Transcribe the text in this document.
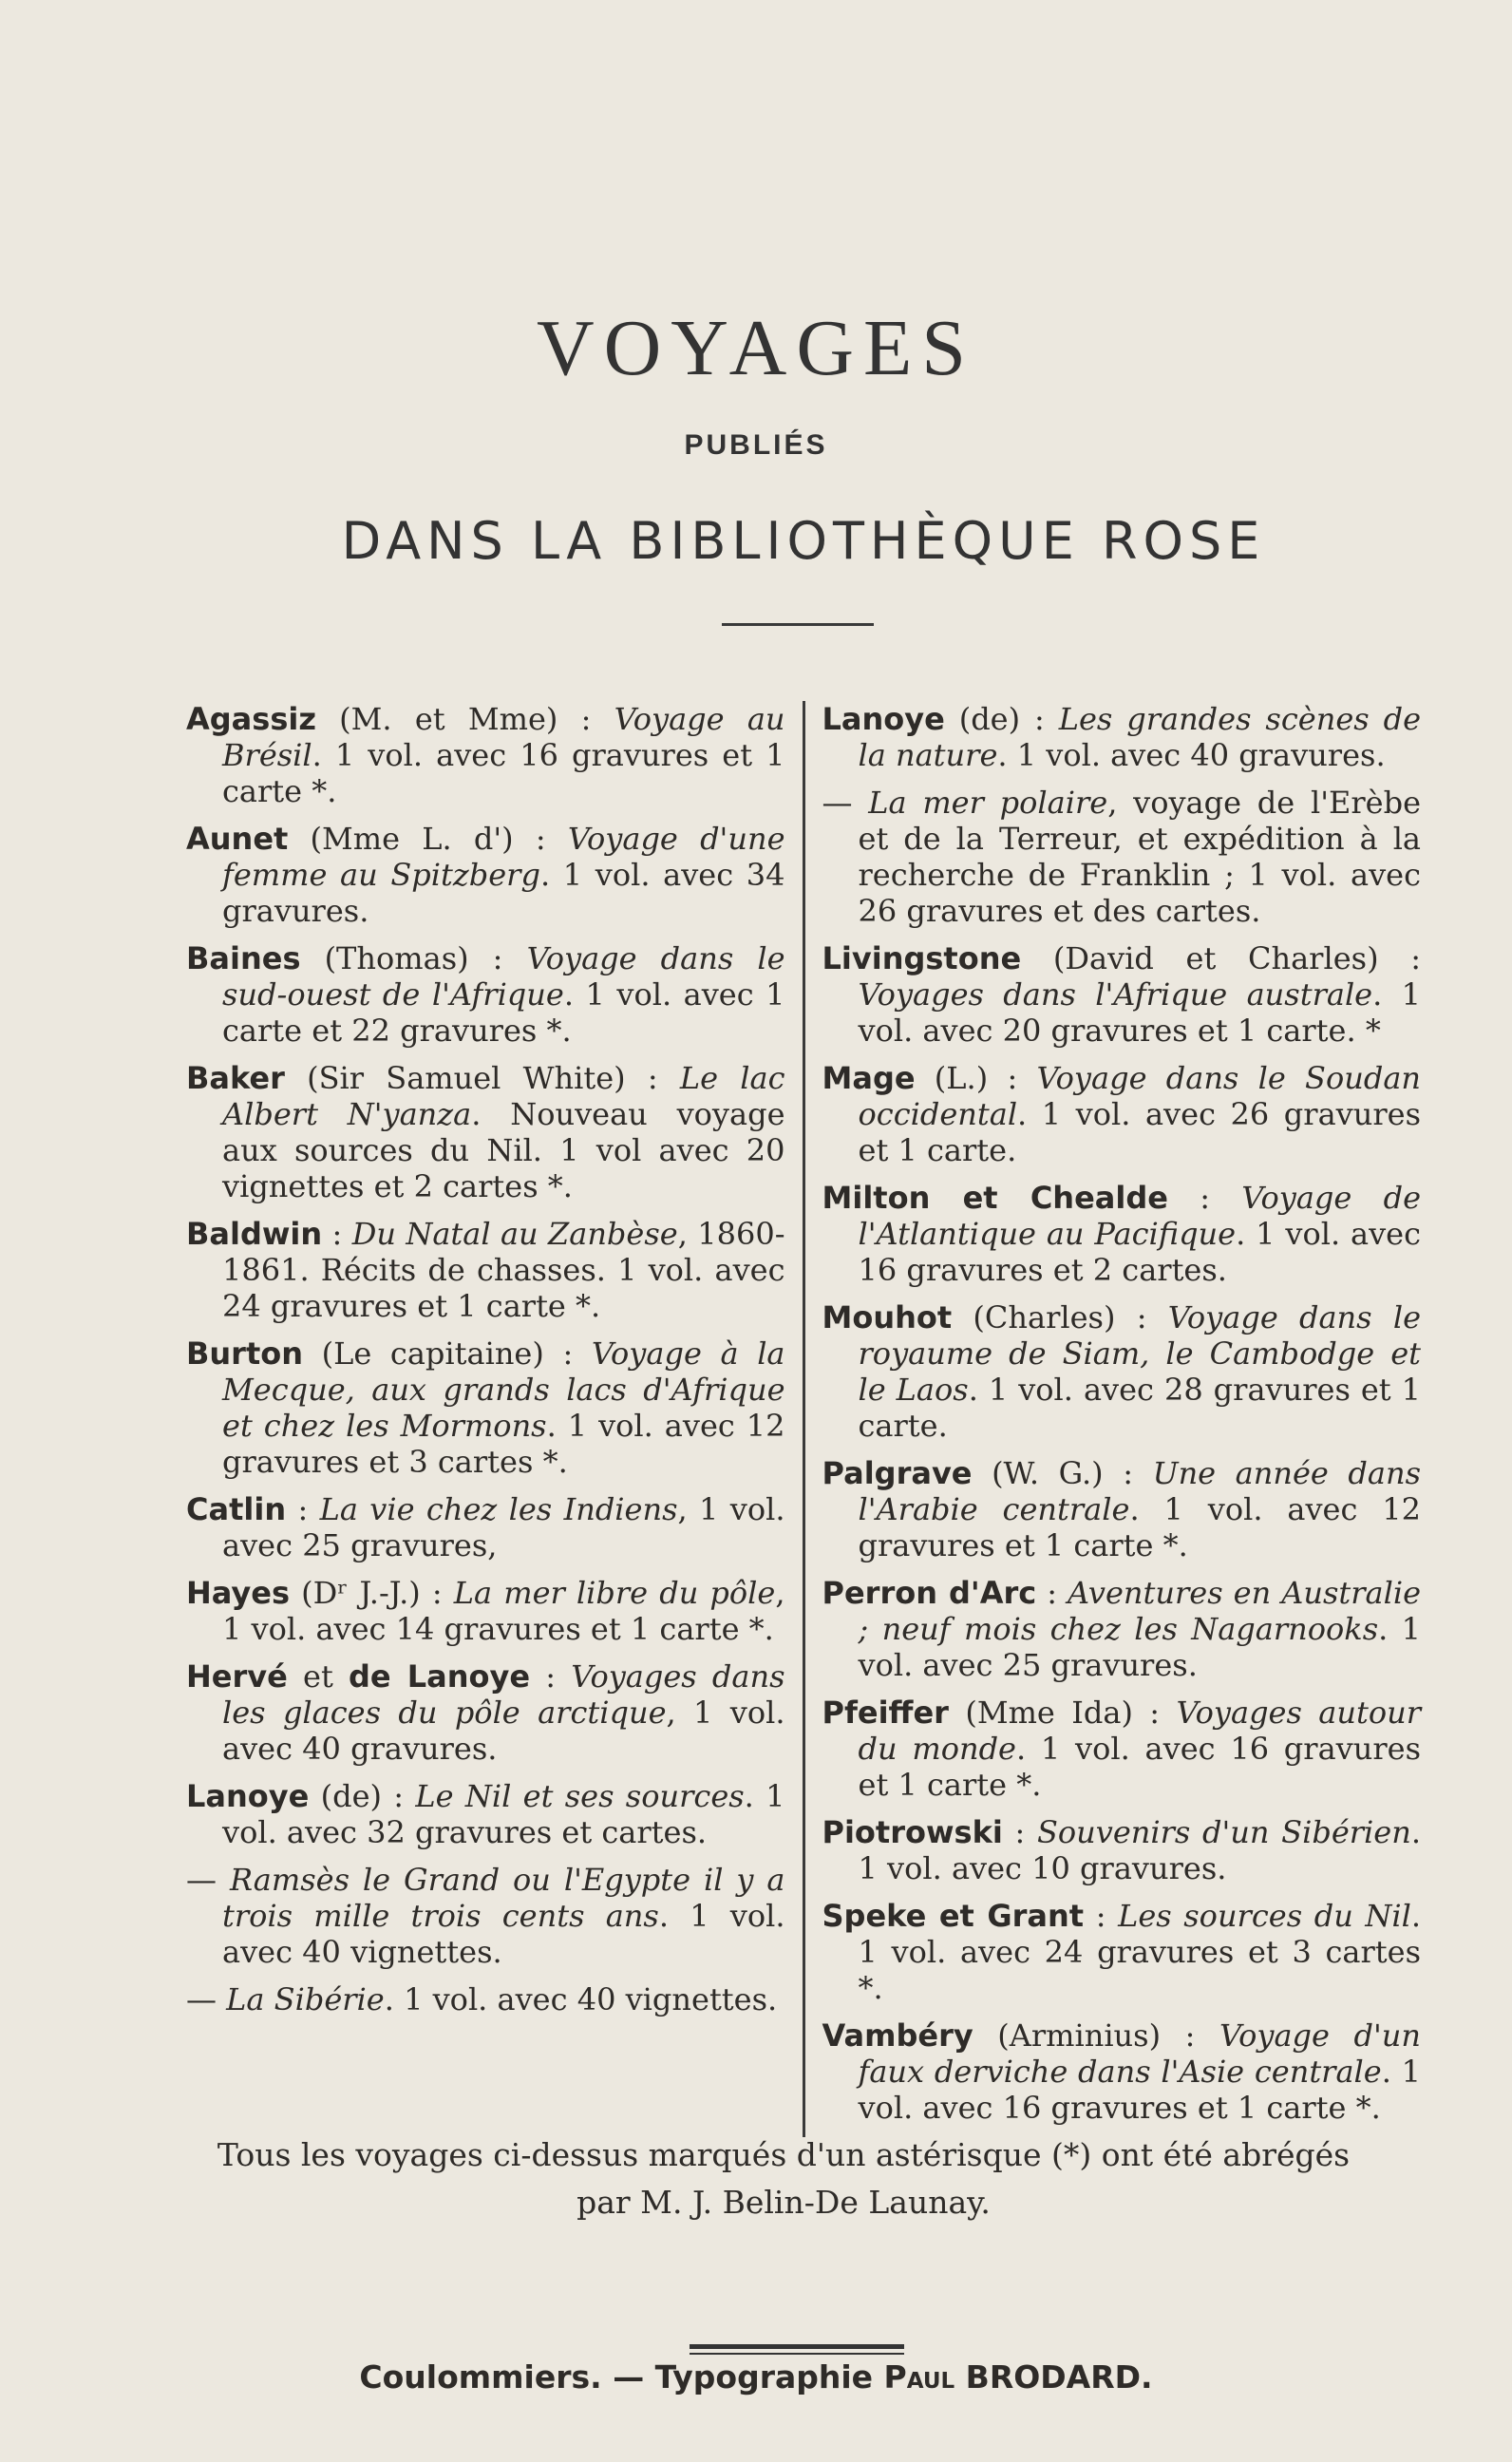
VOYAGES
PUBLIÉS
DANS LA BIBLIOTHÈQUE ROSE
Agassiz (M. et Mme) : Voyage au Brésil. 1 vol. avec 16 gravures et 1 carte *.
Aunet (Mme L. d') : Voyage d'une femme au Spitzberg. 1 vol. avec 34 gravures.
Baines (Thomas) : Voyage dans le sud-ouest de l'Afrique. 1 vol. avec 1 carte et 22 gravures *.
Baker (Sir Samuel White) : Le lac Albert N'yanza. Nouveau voyage aux sources du Nil. 1 vol avec 20 vignettes et 2 cartes *.
Baldwin : Du Natal au Zanbèse, 1860-1861. Récits de chasses. 1 vol. avec 24 gravures et 1 carte *.
Burton (Le capitaine) : Voyage à la Mecque, aux grands lacs d'Afrique et chez les Mormons. 1 vol. avec 12 gravures et 3 cartes *.
Catlin : La vie chez les Indiens, 1 vol. avec 25 gravures,
Hayes (Dʳ J.-J.) : La mer libre du pôle, 1 vol. avec 14 gravures et 1 carte *.
Hervé et de Lanoye : Voyages dans les glaces du pôle arctique, 1 vol. avec 40 gravures.
Lanoye (de) : Le Nil et ses sources. 1 vol. avec 32 gravures et cartes.
— Ramsès le Grand ou l'Egypte il y a trois mille trois cents ans. 1 vol. avec 40 vignettes.
— La Sibérie. 1 vol. avec 40 vignettes.
Lanoye (de) : Les grandes scènes de la nature. 1 vol. avec 40 gravures.
— La mer polaire, voyage de l'Erèbe et de la Terreur, et expédition à la recherche de Franklin ; 1 vol. avec 26 gravures et des cartes.
Livingstone (David et Charles) : Voyages dans l'Afrique australe. 1 vol. avec 20 gravures et 1 carte. *
Mage (L.) : Voyage dans le Soudan occidental. 1 vol. avec 26 gravures et 1 carte.
Milton et Chealde : Voyage de l'Atlantique au Pacifique. 1 vol. avec 16 gravures et 2 cartes.
Mouhot (Charles) : Voyage dans le royaume de Siam, le Cambodge et le Laos. 1 vol. avec 28 gravures et 1 carte.
Palgrave (W. G.) : Une année dans l'Arabie centrale. 1 vol. avec 12 gravures et 1 carte *.
Perron d'Arc : Aventures en Australie ; neuf mois chez les Nagarnooks. 1 vol. avec 25 gravures.
Pfeiffer (Mme Ida) : Voyages autour du monde. 1 vol. avec 16 gravures et 1 carte *.
Piotrowski : Souvenirs d'un Sibérien. 1 vol. avec 10 gravures.
Speke et Grant : Les sources du Nil. 1 vol. avec 24 gravures et 3 cartes *.
Vambéry (Arminius) : Voyage d'un faux derviche dans l'Asie centrale. 1 vol. avec 16 gravures et 1 carte *.
Tous les voyages ci-dessus marqués d'un astérisque (*) ont été abrégés par M. J. Belin-De Launay.
Coulommiers. — Typographie Paul BRODARD.
